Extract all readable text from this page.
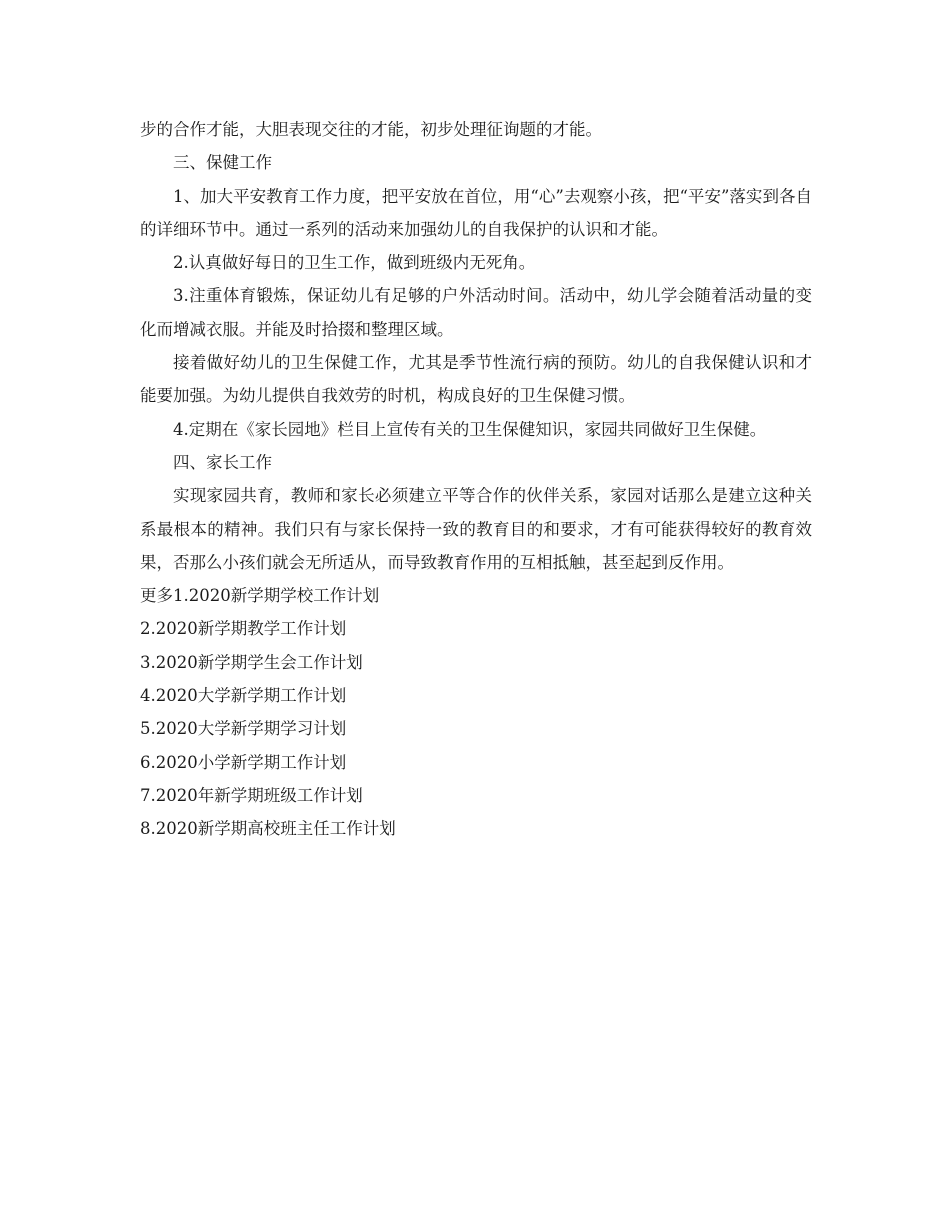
步的合作才能，大胆表现交往的才能，初步处理征询题的才能。

三、保健工作

1、加大平安教育工作力度，把平安放在首位，用“心”去观察小孩，把“平安”落实到各自的详细环节中。通过一系列的活动来加强幼儿的自我保护的认识和才能。

2.认真做好每日的卫生工作，做到班级内无死角。

3.注重体育锻炼，保证幼儿有足够的户外活动时间。活动中，幼儿学会随着活动量的变化而增减衣服。并能及时拾掇和整理区域。

接着做好幼儿的卫生保健工作，尤其是季节性流行病的预防。幼儿的自我保健认识和才能要加强。为幼儿提供自我效劳的时机，构成良好的卫生保健习惯。

4.定期在《家长园地》栏目上宣传有关的卫生保健知识，家园共同做好卫生保健。

四、家长工作

实现家园共育，教师和家长必须建立平等合作的伙伴关系，家园对话那么是建立这种关系最根本的精神。我们只有与家长保持一致的教育目的和要求，才有可能获得较好的教育效果，否那么小孩们就会无所适从，而导致教育作用的互相抵触，甚至起到反作用。

更多1.2020新学期学校工作计划
2.2020新学期教学工作计划
3.2020新学期学生会工作计划
4.2020大学新学期工作计划
5.2020大学新学期学习计划
6.2020小学新学期工作计划
7.2020年新学期班级工作计划
8.2020新学期高校班主任工作计划
